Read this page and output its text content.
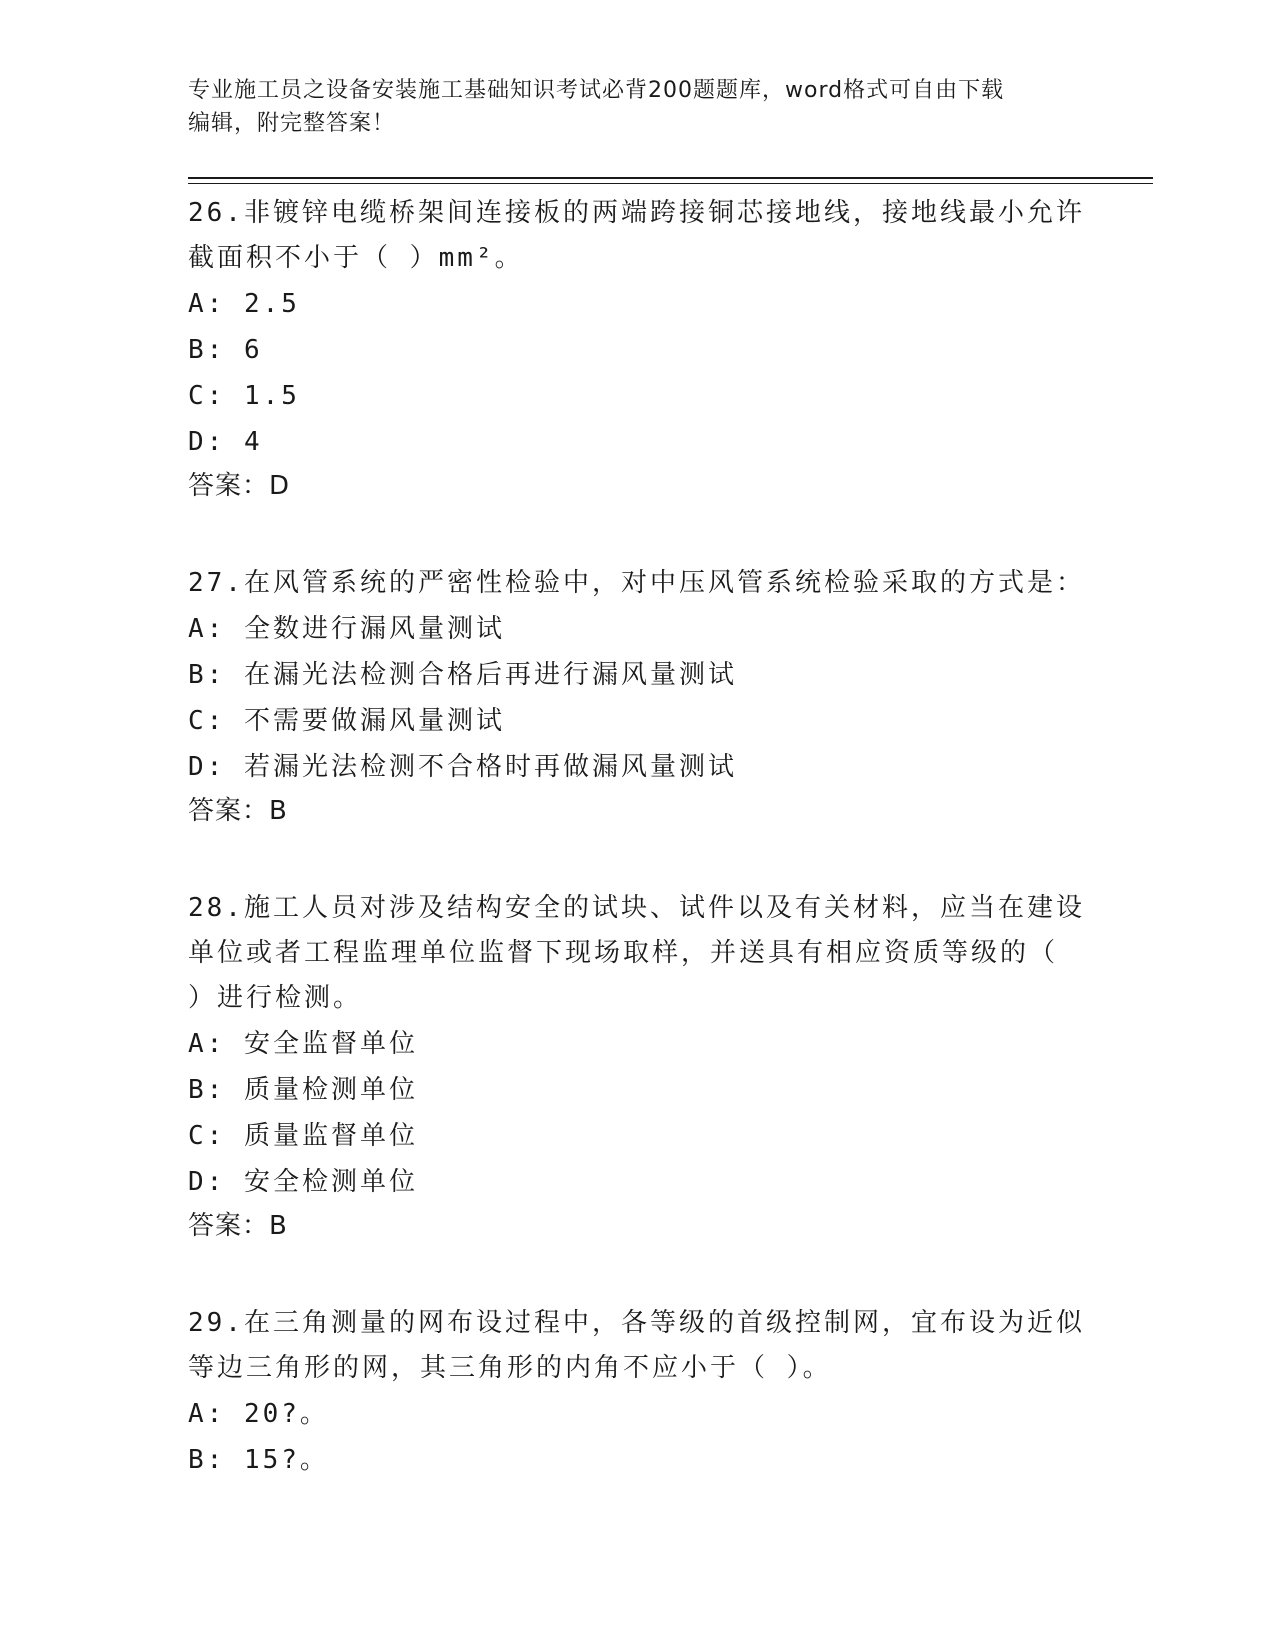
专业施工员之设备安装施工基础知识考试必背200题题库，word格式可自由下载
编辑，附完整答案！
26.非镀锌电缆桥架间连接板的两端跨接铜芯接地线，接地线最小允许
截面积不小于（ ）mm²。
A: 2.5
B: 6
C: 1.5
D: 4
答案：D
27.在风管系统的严密性检验中，对中压风管系统检验采取的方式是：
A: 全数进行漏风量测试
B: 在漏光法检测合格后再进行漏风量测试
C: 不需要做漏风量测试
D: 若漏光法检测不合格时再做漏风量测试
答案：B
28.施工人员对涉及结构安全的试块、试件以及有关材料，应当在建设
单位或者工程监理单位监督下现场取样，并送具有相应资质等级的（
）进行检测。
A: 安全监督单位
B: 质量检测单位
C: 质量监督单位
D: 安全检测单位
答案：B
29.在三角测量的网布设过程中，各等级的首级控制网，宜布设为近似
等边三角形的网，其三角形的内角不应小于（ ）。
A: 20?。
B: 15?。
